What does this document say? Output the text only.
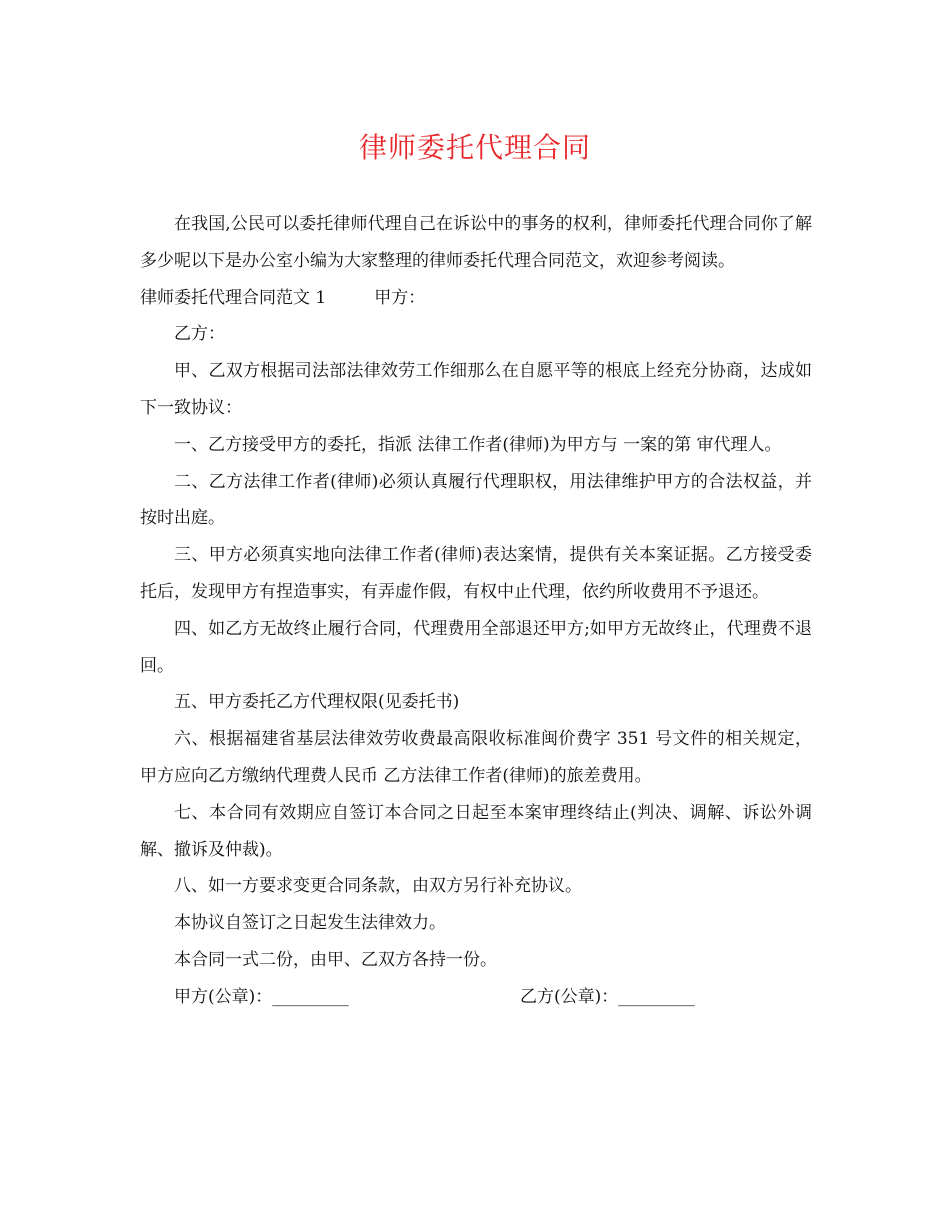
律师委托代理合同

在我国,公民可以委托律师代理自己在诉讼中的事务的权利，律师委托代理合同你了解多少呢以下是办公室小编为大家整理的律师委托代理合同范文，欢迎参考阅读。

律师委托代理合同范文 1	甲方：

乙方：

甲、乙双方根据司法部法律效劳工作细那么在自愿平等的根底上经充分协商，达成如下一致协议：

一、乙方接受甲方的委托，指派 法律工作者(律师)为甲方与 一案的第 审代理人。

二、乙方法律工作者(律师)必须认真履行代理职权，用法律维护甲方的合法权益，并按时出庭。

三、甲方必须真实地向法律工作者(律师)表达案情，提供有关本案证据。乙方接受委托后，发现甲方有捏造事实，有弄虚作假，有权中止代理，依约所收费用不予退还。

四、如乙方无故终止履行合同，代理费用全部退还甲方;如甲方无故终止，代理费不退回。

五、甲方委托乙方代理权限(见委托书)

六、根据福建省基层法律效劳收费最高限收标准闽价费字 351 号文件的相关规定，甲方应向乙方缴纳代理费人民币 乙方法律工作者(律师)的旅差费用。

七、本合同有效期应自签订本合同之日起至本案审理终结止(判决、调解、诉讼外调解、撤诉及仲裁)。

八、如一方要求变更合同条款，由双方另行补充协议。

本协议自签订之日起发生法律效力。

本合同一式二份，由甲、乙双方各持一份。

甲方(公章)：_________	乙方(公章)：_________
